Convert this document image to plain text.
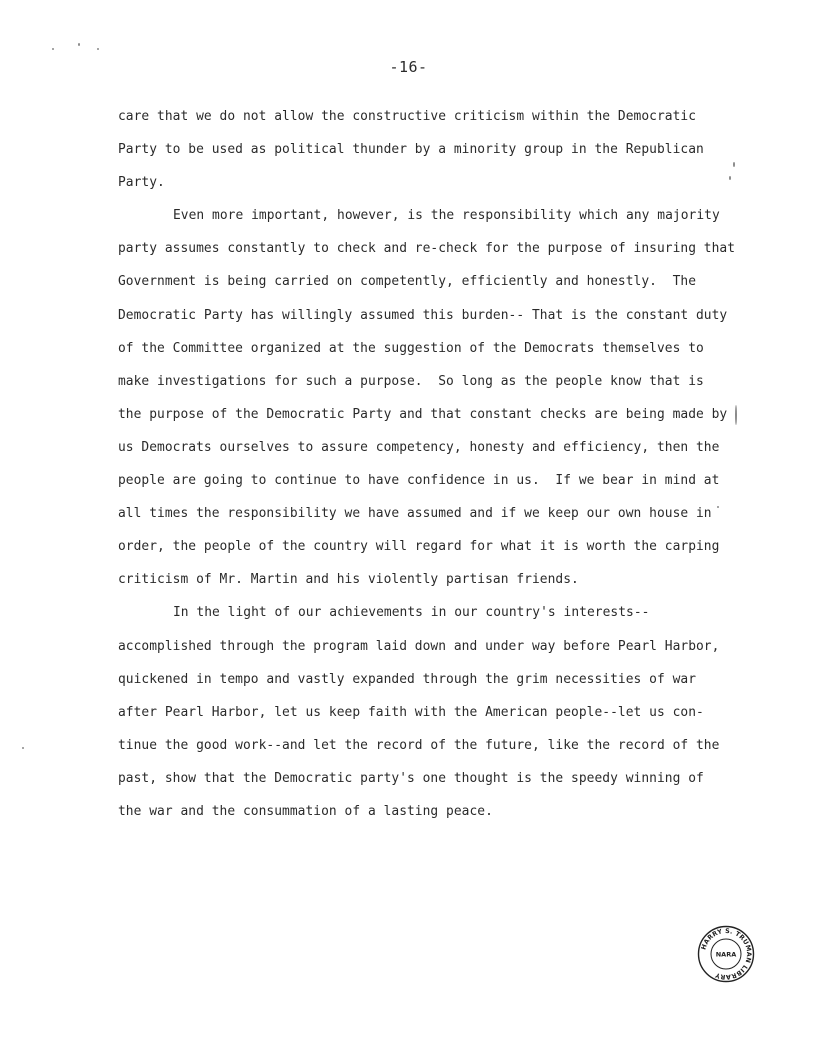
-16-
care that we do not allow the constructive criticism within the Democratic
Party to be used as political thunder by a minority group in the Republican
Party.
Even more important, however, is the responsibility which any majority
party assumes constantly to check and re-check for the purpose of insuring that
Government is being carried on competently, efficiently and honestly.  The
Democratic Party has willingly assumed this burden-- That is the constant duty
of the Committee organized at the suggestion of the Democrats themselves to
make investigations for such a purpose.  So long as the people know that is
the purpose of the Democratic Party and that constant checks are being made by
us Democrats ourselves to assure competency, honesty and efficiency, then the
people are going to continue to have confidence in us.  If we bear in mind at
all times the responsibility we have assumed and if we keep our own house in
order, the people of the country will regard for what it is worth the carping
criticism of Mr. Martin and his violently partisan friends.
In the light of our achievements in our country's interests--
accomplished through the program laid down and under way before Pearl Harbor,
quickened in tempo and vastly expanded through the grim necessities of war
after Pearl Harbor, let us keep faith with the American people--let us con-
tinue the good work--and let the record of the future, like the record of the
past, show that the Democratic party's one thought is the speedy winning of
the war and the consummation of a lasting peace.
HARRY S. TRUMAN LIBRARY
NARA
